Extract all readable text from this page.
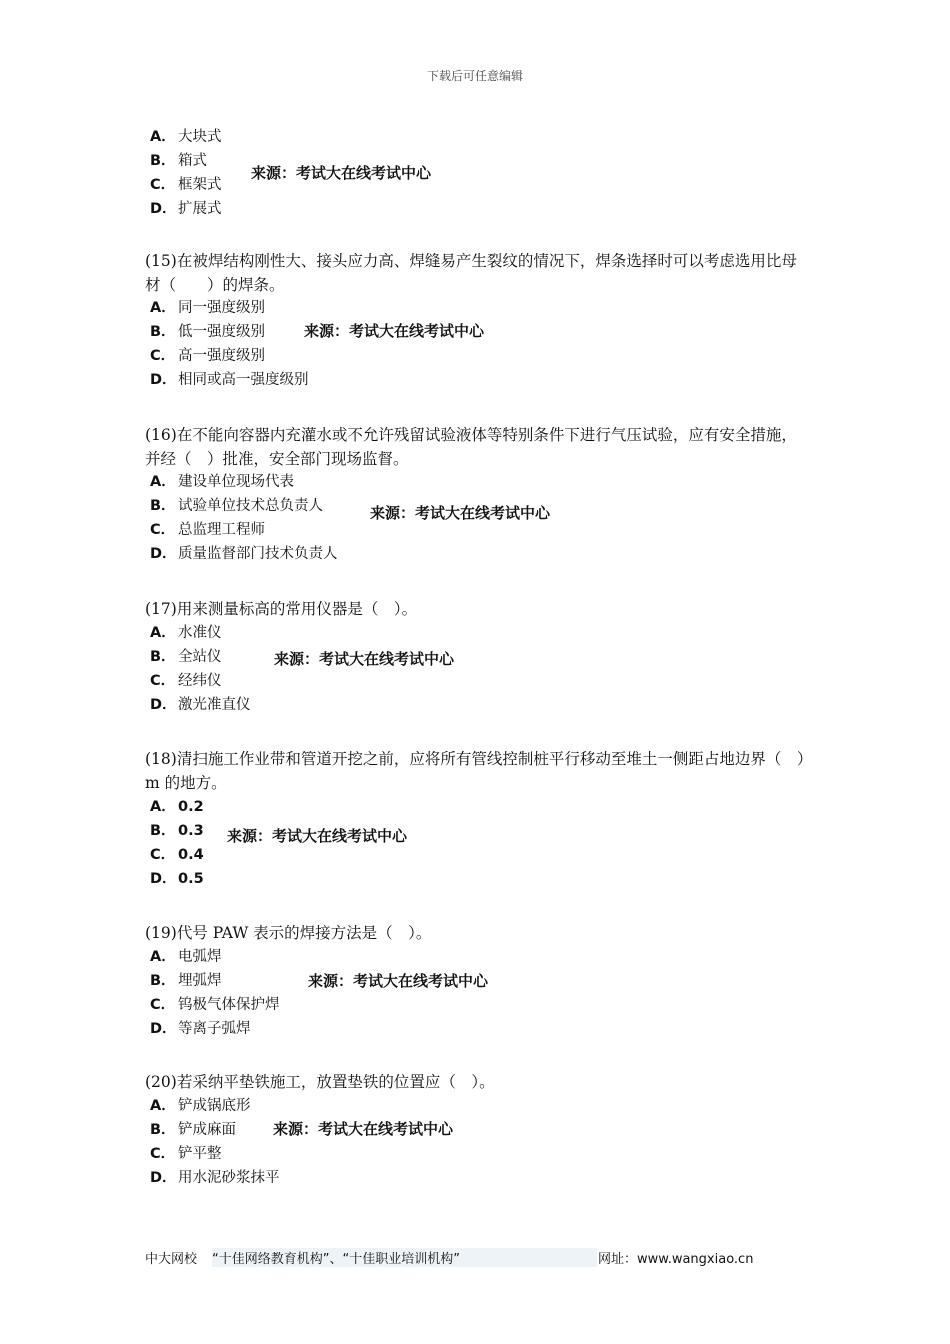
下载后可任意编辑
A． 大块式
B． 箱式
C． 框架式
D．扩展式
来源：考试大在线考试中心
(15)在被焊结构刚性大、接头应力高、焊缝易产生裂纹的情况下，焊条选择时可以考虑选用比母材（　　）的焊条。
A． 同一强度级别
B． 低一强度级别
C． 高一强度级别
D．相同或高一强度级别
来源：考试大在线考试中心
(16)在不能向容器内充灌水或不允许残留试验液体等特别条件下进行气压试验，应有安全措施，并经（　）批准，安全部门现场监督。
A． 建设单位现场代表
B． 试验单位技术总负责人
C． 总监理工程师
D．质量监督部门技术负责人
来源：考试大在线考试中心
(17)用来测量标高的常用仪器是（　）。
A． 水准仪
B． 全站仪
C． 经纬仪
D．激光准直仪
来源：考试大在线考试中心
(18)清扫施工作业带和管道开挖之前，应将所有管线控制桩平行移动至堆土一侧距占地边界（　）m 的地方。
A． 0.2
B． 0.3
C． 0.4
D．0.5
来源：考试大在线考试中心
(19)代号 PAW 表示的焊接方法是（　）。
A． 电弧焊
B． 埋弧焊
C． 钨极气体保护焊
D．等离子弧焊
来源：考试大在线考试中心
(20)若采纳平垫铁施工，放置垫铁的位置应（　）。
A． 铲成锅底形
B． 铲成麻面
C． 铲平整
D．用水泥砂浆抹平
来源：考试大在线考试中心
中大网校 “十佳网络教育机构”、“十佳职业培训机构”	网址：www.wangxiao.cn
